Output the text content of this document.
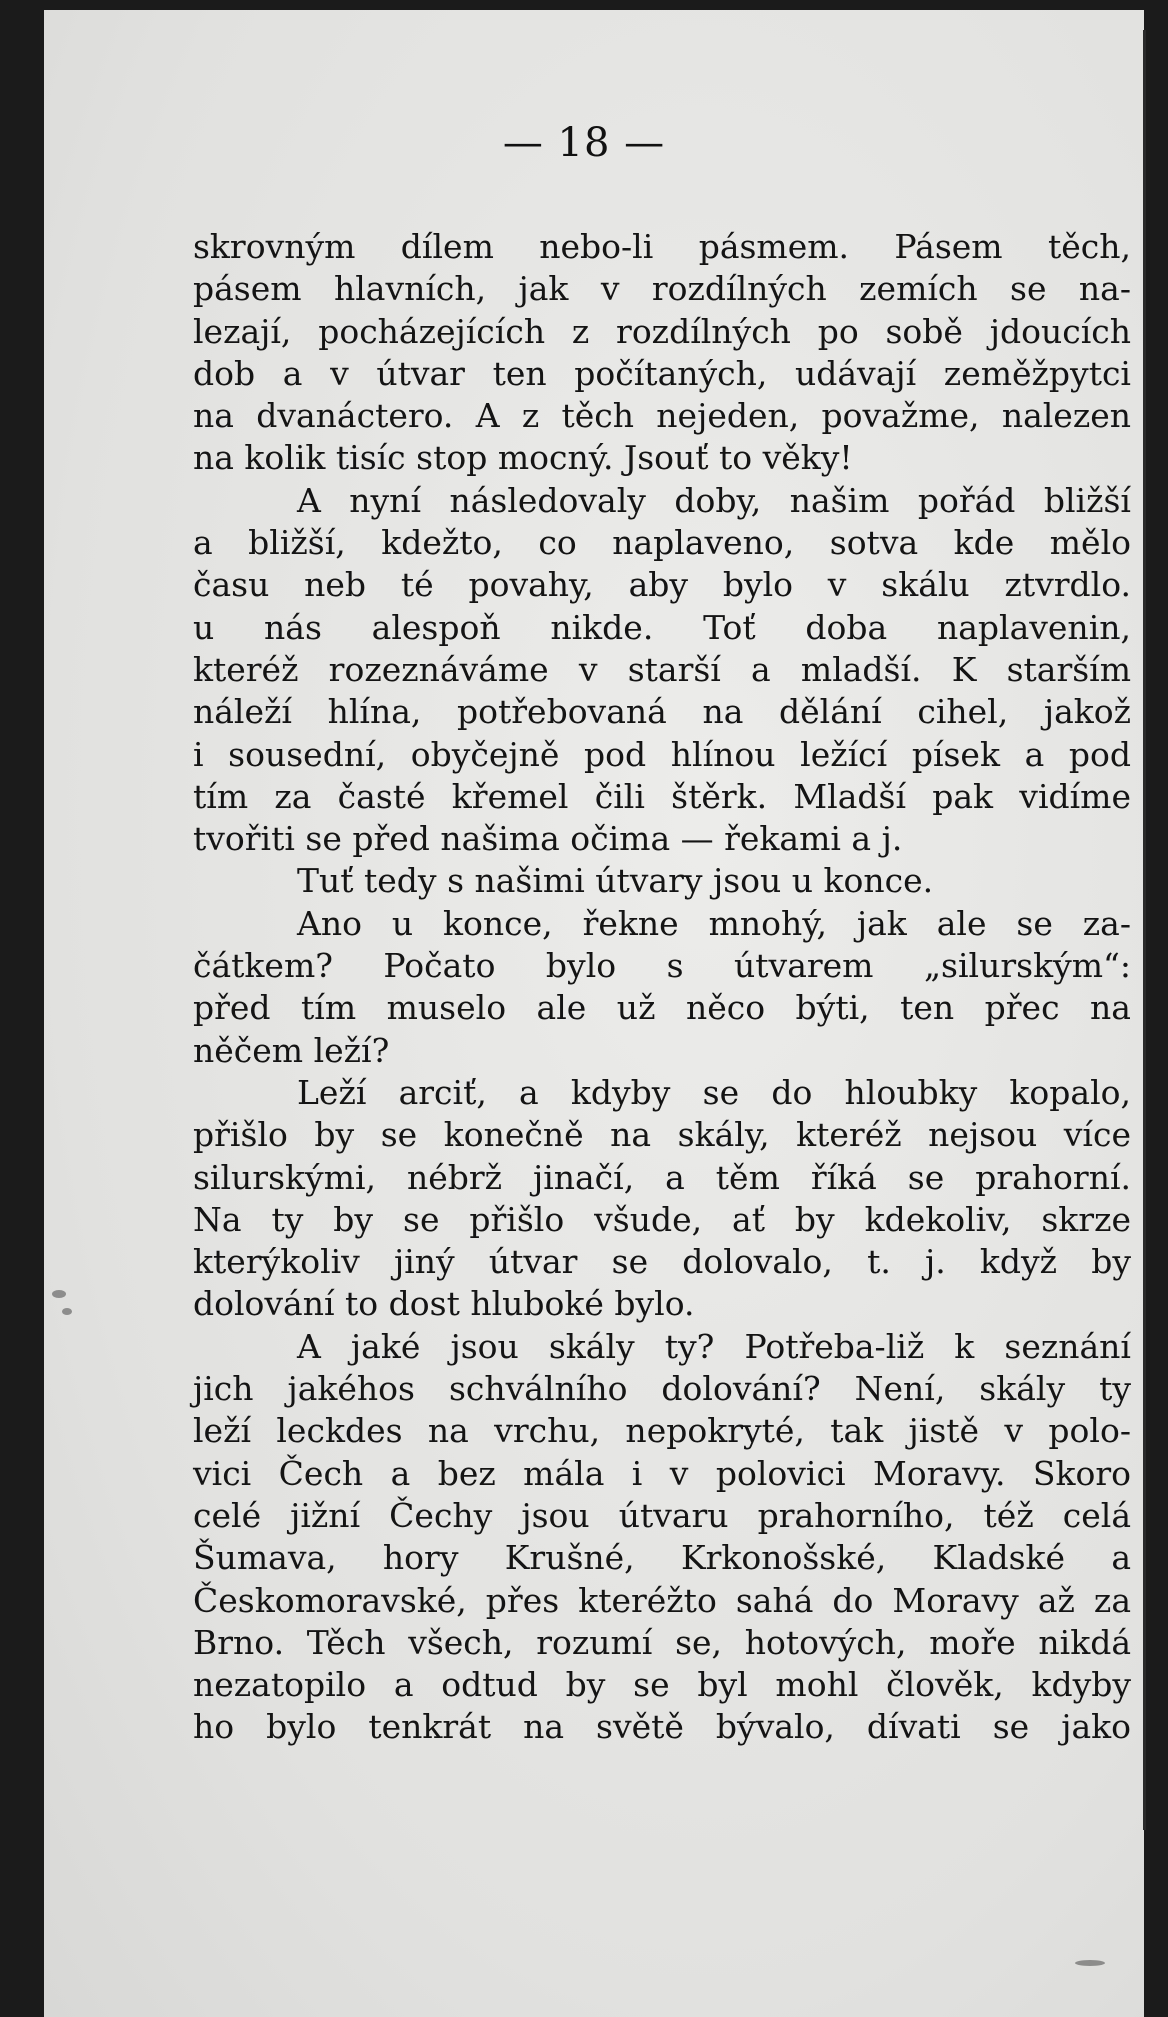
— 18 —
skrovným dílem nebo-li pásmem. Pásem těch,
pásem hlavních, jak v rozdílných zemích se na-
lezají, pocházejících z rozdílných po sobě jdoucích
dob a v útvar ten počítaných, udávají zeměžpytci
na dvanáctero. A z těch nejeden, považme, nalezen
na kolik tisíc stop mocný. Jsouť to věky!
A nyní následovaly doby, našim pořád bližší
a bližší, kdežto, co naplaveno, sotva kde mělo
času neb té povahy, aby bylo v skálu ztvrdlo.
u nás alespoň nikde. Toť doba naplavenin,
kteréž rozeznáváme v starší a mladší. K starším
náleží hlína, potřebovaná na dělání cihel, jakož
i sousední, obyčejně pod hlínou ležící písek a pod
tím za časté křemel čili štěrk. Mladší pak vidíme
tvořiti se před našima očima — řekami a j.
Tuť tedy s našimi útvary jsou u konce.
Ano u konce, řekne mnohý, jak ale se za-
čátkem? Počato bylo s útvarem „silurským“:
před tím muselo ale už něco býti, ten přec na
něčem leží?
Leží arciť, a kdyby se do hloubky kopalo,
přišlo by se konečně na skály, kteréž nejsou více
silurskými, nébrž jinačí, a těm říká se prahorní.
Na ty by se přišlo všude, ať by kdekoliv, skrze
kterýkoliv jiný útvar se dolovalo, t. j. když by
dolování to dost hluboké bylo.
A jaké jsou skály ty? Potřeba-liž k seznání
jich jakéhos schválního dolování? Není, skály ty
leží leckdes na vrchu, nepokryté, tak jistě v polo-
vici Čech a bez mála i v polovici Moravy. Skoro
celé jižní Čechy jsou útvaru prahorního, též celá
Šumava, hory Krušné, Krkonošské, Kladské a
Českomoravské, přes kteréžto sahá do Moravy až za
Brno. Těch všech, rozumí se, hotových, moře nikdá
nezatopilo a odtud by se byl mohl člověk, kdyby
ho bylo tenkrát na světě bývalo, dívati se jako
